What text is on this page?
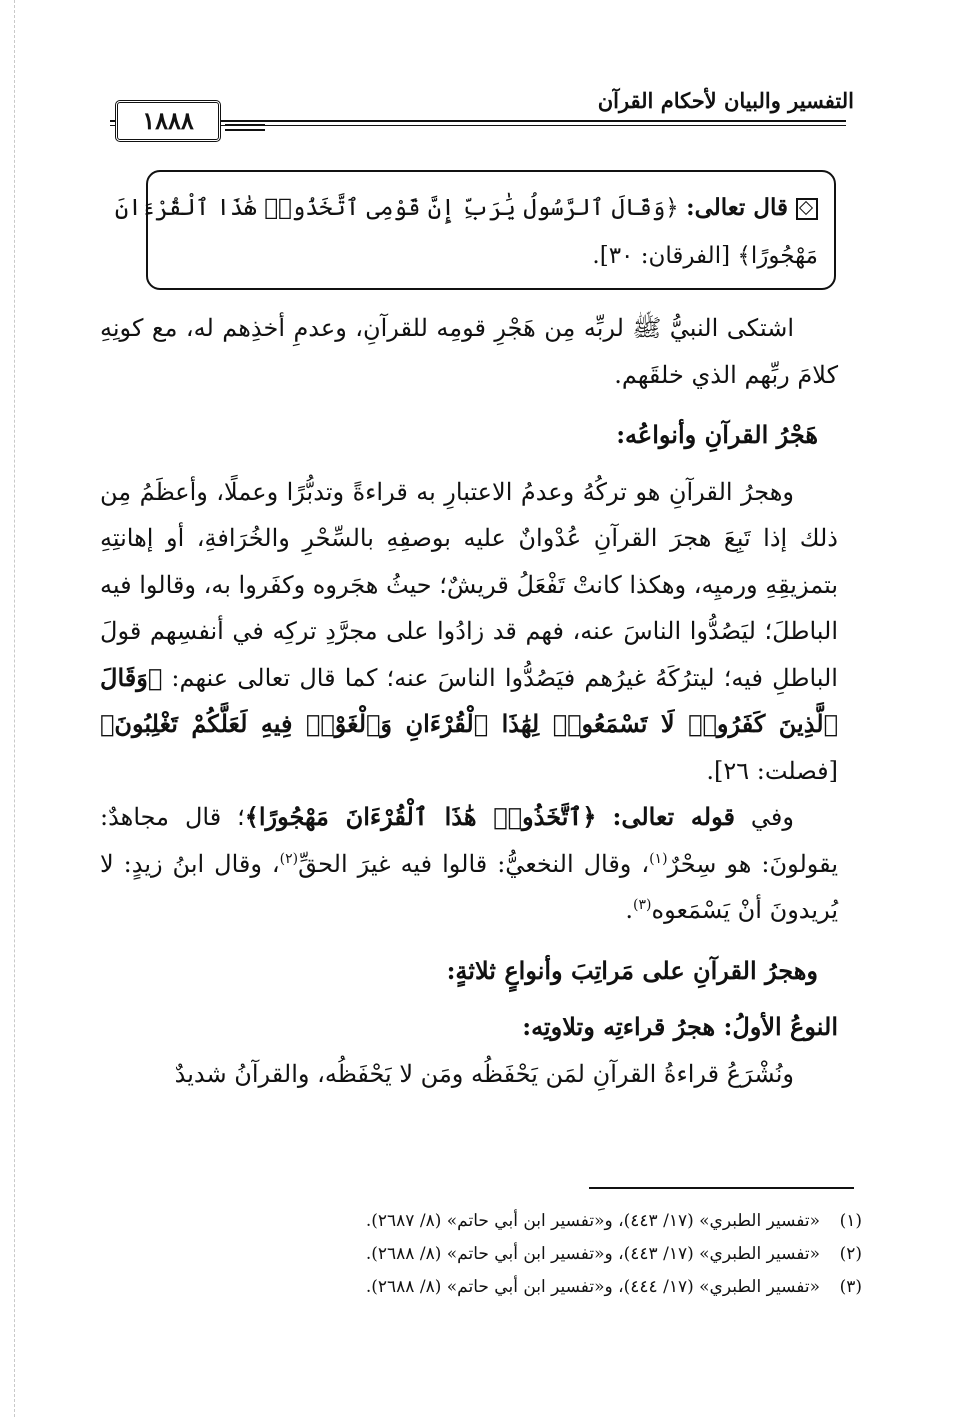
التفسير والبيان لأحكام القرآن
١٨٨٨
قال تعالى: ﴿وَقَالَ ٱلرَّسُولُ يَٰرَبِّ إِنَّ قَوْمِى ٱتَّخَذُوا۟ هَٰذَا ٱلْقُرْءَانَ
مَهْجُورًا﴾ [الفرقان: ٣٠].

اشتكى النبيُّ ﷺ لربِّه مِن هَجْرِ قومِه للقرآنِ، وعدمِ أخذِهم له، مع كونِهِ كلامَ ربِّهم الذي خلقَهم.

هَجْرُ القرآنِ وأنواعُه:

وهجرُ القرآنِ هو تركُهُ وعدمُ الاعتبارِ به قراءةً وتدبُّرًا وعملًا، وأعظَمُ مِن ذلك إذا تَبِعَ هجرَ القرآنِ عُدْوانٌ عليه بوصفِهِ بالسِّحْرِ والخُرَافةِ، أو إهانتِهِ بتمزيقِهِ ورميِه، وهكذا كانتْ تَفْعَلُ قريشٌ؛ حيثُ هجَروه وكفَروا به، وقالوا فيه الباطلَ؛ ليَصُدُّوا الناسَ عنه، فهم قد زادُوا على مجرَّدِ تركِه في أنفسِهم قولَ الباطلِ فيه؛ ليترُكَهُ غيرُهم فيَصُدُّوا الناسَ عنه؛ كما قال تعالى عنهم: ﴿وَقَالَ ٱلَّذِينَ كَفَرُوا۟ لَا تَسْمَعُوا۟ لِهَٰذَا ٱلْقُرْءَانِ وَٱلْغَوْا۟ فِيهِ لَعَلَّكُمْ تَغْلِبُونَ﴾ [فصلت: ٢٦].

وفي قوله تعالى: ﴿ٱتَّخَذُوا۟ هَٰذَا ٱلْقُرْءَانَ مَهْجُورًا﴾؛ قال مجاهدٌ: يقولونَ: هو سِحْرٌ$^{(١)}$، وقال النخعيُّ: قالوا فيه غيرَ الحقِّ$^{(٢)}$، وقال ابنُ زيدٍ: لا يُريدونَ أنْ يَسْمَعوه$^{(٣)}$.

وهجرُ القرآنِ على مَراتِبَ وأنواعٍ ثلاثةٍ:

النوعُ الأولُ: هجرُ قراءتِه وتلاوتِه:

ونُشْرَعُ قراءةُ القرآنِ لمَن يَحْفَظُه ومَن لا يَحْفَظُه، والقرآنُ شديدٌ

(١)«تفسير الطبري» (١٧/ ٤٤٣)، و«تفسير ابن أبي حاتم» (٨/ ٢٦٨٧).
(٢)«تفسير الطبري» (١٧/ ٤٤٣)، و«تفسير ابن أبي حاتم» (٨/ ٢٦٨٨).
(٣)«تفسير الطبري» (١٧/ ٤٤٤)، و«تفسير ابن أبي حاتم» (٨/ ٢٦٨٨).
